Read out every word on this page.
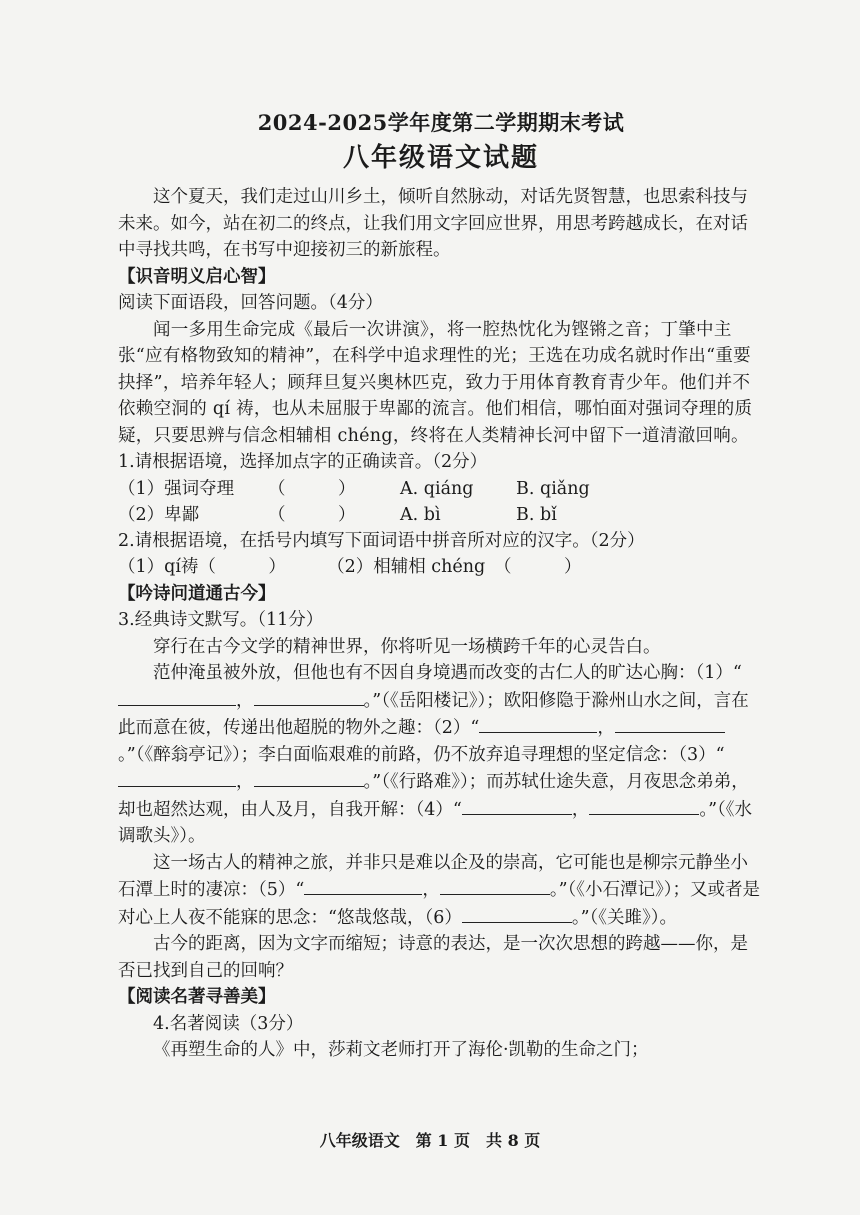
2024-2025学年度第二学期期末考试
八年级语文试题

这个夏天，我们走过山川乡土，倾听自然脉动，对话先贤智慧，也思索科技与未来。如今，站在初二的终点，让我们用文字回应世界，用思考跨越成长，在对话中寻找共鸣，在书写中迎接初三的新旅程。

【识音明义启心智】

阅读下面语段，回答问题。（4分）

闻一多用生命完成《最后一次讲演》，将一腔热忱化为铿锵之音；丁肇中主张“应有格物致知的精神”，在科学中追求理性的光；王选在功成名就时作出“重要抉择”，培养年轻人；顾拜旦复兴奥林匹克，致力于用体育教育青少年。他们并不依赖空洞的 qí 祷，也从未屈服于卑鄙的流言。他们相信，哪怕面对强词夺理的质疑，只要思辨与信念相辅相 chéng，终将在人类精神长河中留下一道清澈回响。

1.请根据语境，选择加点字的正确读音。（2分）

（1）强词夺理	（　　　）	A. qiáng	B. qiǎng
（2）卑鄙	（　　　）	A. bì	B. bǐ

2.请根据语境，在括号内填写下面词语中拼音所对应的汉字。（2分）

（1）qí祷（　　　） （2）相辅相 chéng　（　　　）

【吟诗问道通古今】

3.经典诗文默写。（11分）

穿行在古今文学的精神世界，你将听见一场横跨千年的心灵告白。

范仲淹虽被外放，但他也有不因自身境遇而改变的古仁人的旷达心胸：（1）“，	。”（《岳阳楼记》）；欧阳修隐于滁州山水之间，言在此而意在彼，传递出他超脱的物外之趣：（2）“	，。”（《醉翁亭记》）；李白面临艰难的前路，仍不放弃追寻理想的坚定信念：（3）“，	。”（《行路难》）；而苏轼仕途失意，月夜思念弟弟，却也超然达观，由人及月，自我开解：（4）“	，	。”（《水调歌头》）。

这一场古人的精神之旅，并非只是难以企及的崇高，它可能也是柳宗元静坐小石潭上时的凄凉：（5）“	，	。”（《小石潭记》）；又或者是对心上人夜不能寐的思念：“悠哉悠哉，（6）	。”（《关雎》）。

古今的距离，因为文字而缩短；诗意的表达，是一次次思想的跨越——你，是否已找到自己的回响？

【阅读名著寻善美】

4.名著阅读（3分）

《再塑生命的人》中，莎莉文老师打开了海伦·凯勒的生命之门；

八年级语文　第 1 页　共 8 页
